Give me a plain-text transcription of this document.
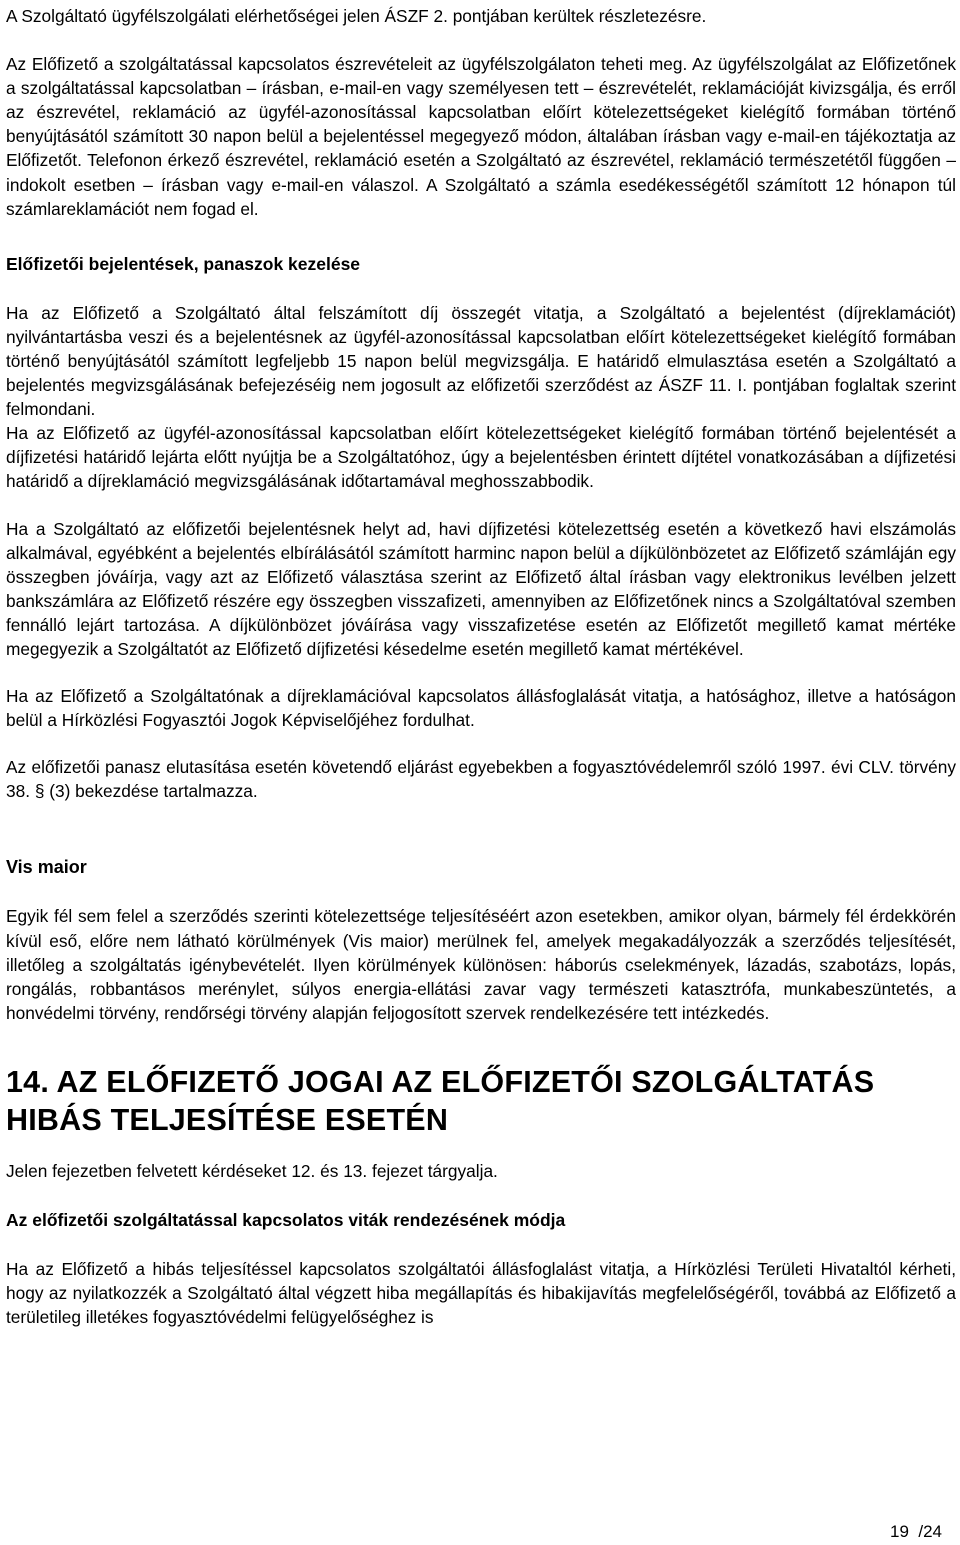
A Szolgáltató ügyfélszolgálati elérhetőségei jelen ÁSZF 2. pontjában kerültek részletezésre.

Az Előfizető a szolgáltatással kapcsolatos észrevételeit az ügyfélszolgálaton teheti meg. Az ügyfélszolgálat az Előfizetőnek a szolgáltatással kapcsolatban – írásban, e-mail-en vagy személyesen tett – észrevételét, reklamációját kivizsgálja, és erről az észrevétel, reklamáció az ügyfél-azonosítással kapcsolatban előírt kötelezettségeket kielégítő formában történő benyújtásától számított 30 napon belül a bejelentéssel megegyező módon, általában írásban vagy e-mail-en tájékoztatja az Előfizetőt. Telefonon érkező észrevétel, reklamáció esetén a Szolgáltató az észrevétel, reklamáció természetétől függően – indokolt esetben – írásban vagy e-mail-en válaszol. A Szolgáltató a számla esedékességétől számított 12 hónapon túl számlareklamációt nem fogad el.

Előfizetői bejelentések, panaszok kezelése

Ha az Előfizető a Szolgáltató által felszámított díj összegét vitatja, a Szolgáltató a bejelentést (díjreklamációt) nyilvántartásba veszi és a bejelentésnek az ügyfél-azonosítással kapcsolatban előírt kötelezettségeket kielégítő formában történő benyújtásától számított legfeljebb 15 napon belül megvizsgálja. E határidő elmulasztása esetén a Szolgáltató a bejelentés megvizsgálásának befejezéséig nem jogosult az előfizetői szerződést az ÁSZF 11. I. pontjában foglaltak szerint felmondani.

Ha az Előfizető az ügyfél-azonosítással kapcsolatban előírt kötelezettségeket kielégítő formában történő bejelentését a díjfizetési határidő lejárta előtt nyújtja be a Szolgáltatóhoz, úgy a bejelentésben érintett díjtétel vonatkozásában a díjfizetési határidő a díjreklamáció megvizsgálásának időtartamával meghosszabbodik.

Ha a Szolgáltató az előfizetői bejelentésnek helyt ad, havi díjfizetési kötelezettség esetén a következő havi elszámolás alkalmával, egyébként a bejelentés elbírálásától számított harminc napon belül a díjkülönbözetet az Előfizető számláján egy összegben jóváírja, vagy azt az Előfizető választása szerint az Előfizető által írásban vagy elektronikus levélben jelzett bankszámlára az Előfizető részére egy összegben visszafizeti, amennyiben az Előfizetőnek nincs a Szolgáltatóval szemben fennálló lejárt tartozása. A díjkülönbözet jóváírása vagy visszafizetése esetén az Előfizetőt megillető kamat mértéke megegyezik a Szolgáltatót az Előfizető díjfizetési késedelme esetén megillető kamat mértékével.

Ha az Előfizető a Szolgáltatónak a díjreklamációval kapcsolatos állásfoglalását vitatja, a hatósághoz, illetve a hatóságon belül a Hírközlési Fogyasztói Jogok Képviselőjéhez fordulhat.

Az előfizetői panasz elutasítása esetén követendő eljárást egyebekben a fogyasztóvédelemről szóló 1997. évi CLV. törvény 38. § (3) bekezdése tartalmazza.

Vis maior

Egyik fél sem felel a szerződés szerinti kötelezettsége teljesítéséért azon esetekben, amikor olyan, bármely fél érdekkörén kívül eső, előre nem látható körülmények (Vis maior) merülnek fel, amelyek megakadályozzák a szerződés teljesítését, illetőleg a szolgáltatás igénybevételét. Ilyen körülmények különösen: háborús cselekmények, lázadás, szabotázs, lopás, rongálás, robbantásos merénylet, súlyos energia-ellátási zavar vagy természeti katasztrófa, munkabeszüntetés, a honvédelmi törvény, rendőrségi törvény alapján feljogosított szervek rendelkezésére tett intézkedés.

14. AZ ELŐFIZETŐ JOGAI AZ ELŐFIZETŐI SZOLGÁLTATÁS
HIBÁS TELJESÍTÉSE ESETÉN

Jelen fejezetben felvetett kérdéseket 12. és 13. fejezet tárgyalja.

Az előfizetői szolgáltatással kapcsolatos viták rendezésének módja

Ha az Előfizető a hibás teljesítéssel kapcsolatos szolgáltatói állásfoglalást vitatja, a Hírközlési Területi Hivataltól kérheti, hogy az nyilatkozzék a Szolgáltató által végzett hiba megállapítás és hibakijavítás megfelelőségéről, továbbá az Előfizető a területileg illetékes fogyasztóvédelmi felügyelőséghez is

19  /24
